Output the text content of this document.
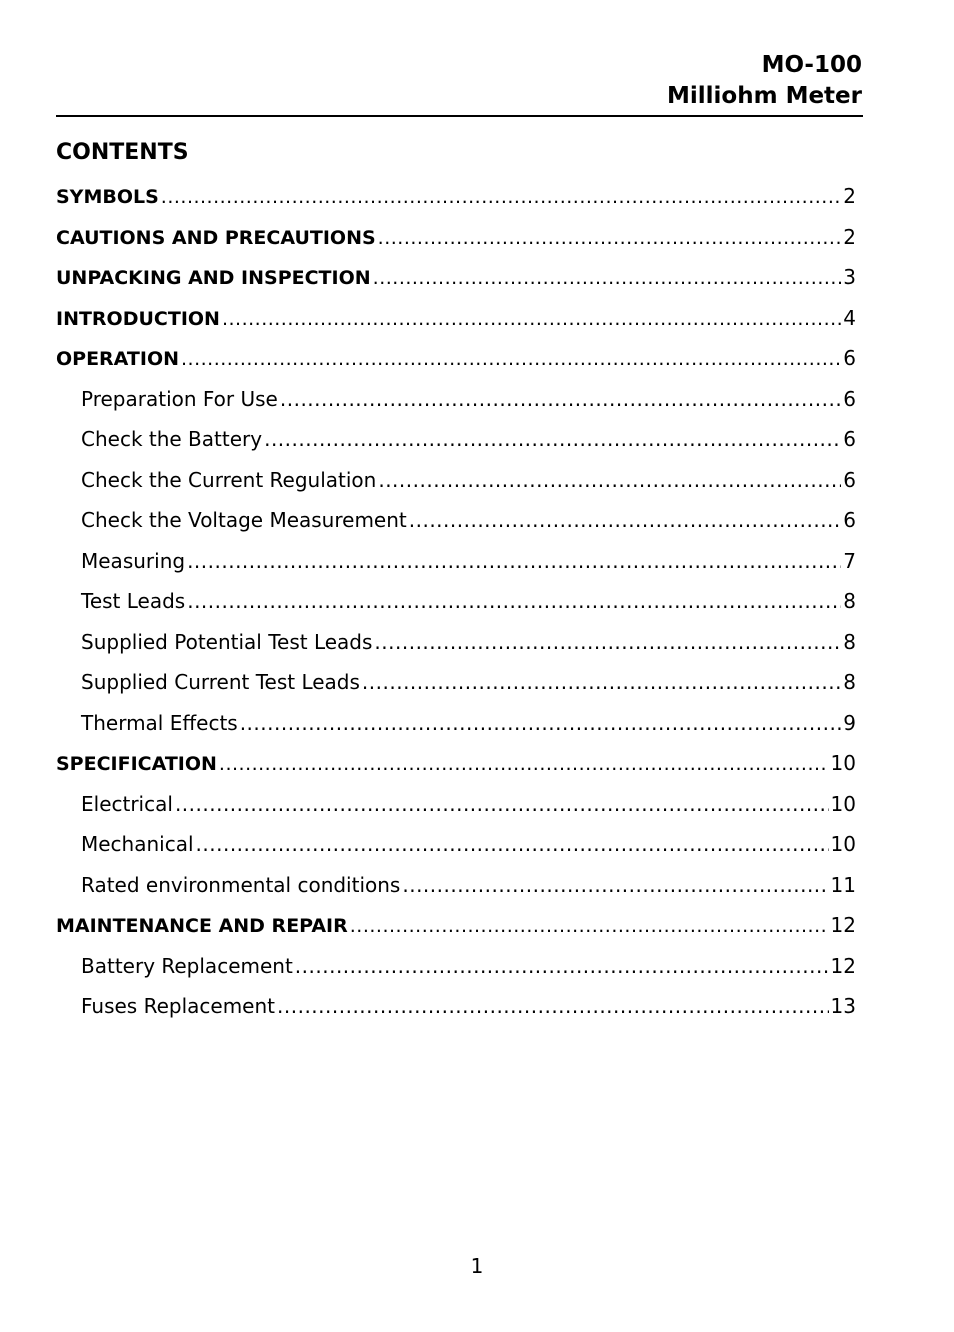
MO-100
Milliohm Meter
CONTENTS
SYMBOLS .....	2
CAUTIONS AND PRECAUTIONS .....	2
UNPACKING AND INSPECTION .....	3
INTRODUCTION .....	4
OPERATION .....	6
Preparation For Use .....	6
Check the Battery .....	6
Check the Current Regulation .....	6
Check the Voltage Measurement .....	6
Measuring .....	7
Test Leads .....	8
Supplied Potential Test Leads .....	8
Supplied Current Test Leads .....	8
Thermal Effects .....	9
SPECIFICATION .....	10
Electrical .....	10
Mechanical .....	10
Rated environmental conditions .....	11
MAINTENANCE AND REPAIR .....	12
Battery Replacement .....	12
Fuses Replacement .....	13
1
